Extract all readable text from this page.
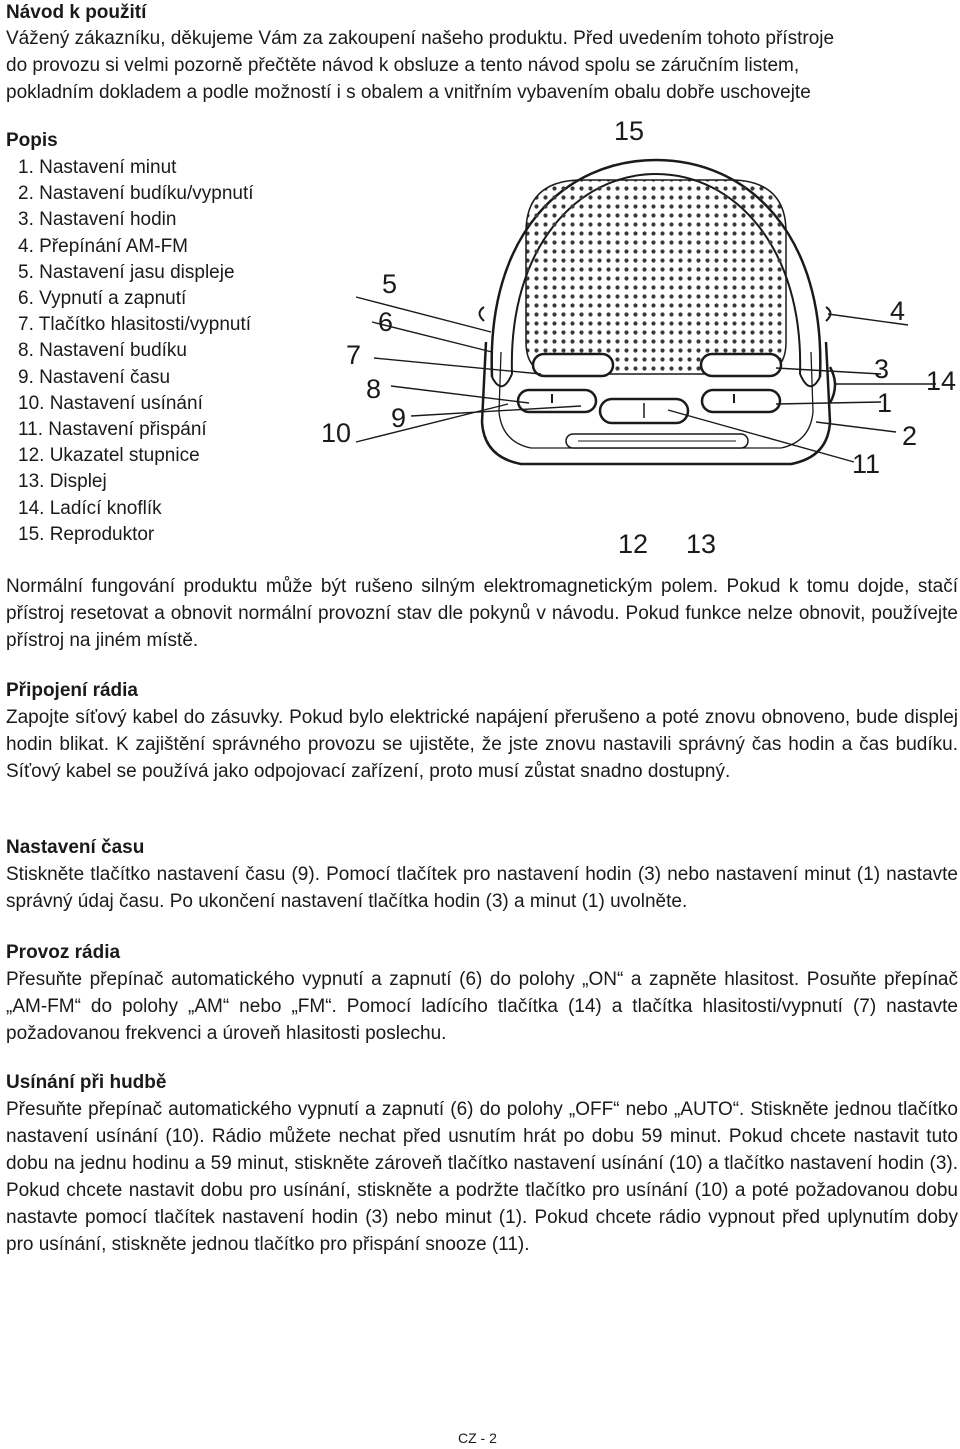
Návod k použití
Vážený zákazníku, děkujeme Vám za zakoupení našeho produktu. Před uvedením tohoto přístroje
do provozu si velmi pozorně přečtěte návod k obsluze a tento návod spolu se záručním listem,
pokladním dokladem a podle možností i s obalem a vnitřním vybavením obalu dobře uschovejte
Popis
1. Nastavení minut
2. Nastavení budíku/vypnutí
3. Nastavení hodin
4. Přepínání AM-FM
5. Nastavení jasu displeje
6. Vypnutí a zapnutí
7. Tlačítko hlasitosti/vypnutí
8. Nastavení budíku
9. Nastavení času
10. Nastavení usínání
11. Nastavení přispání
12. Ukazatel stupnice
13. Displej
14. Ladící knoflík
15. Reproduktor
15
5
6
7
8
9
10
4
3 14
1
2
11
12 13

Normální fungování produktu může být rušeno silným elektromagnetickým polem. Pokud k tomu dojde, stačí přístroj resetovat a obnovit normální provozní stav dle pokynů v návodu. Pokud funkce nelze obnovit, používejte přístroj na jiném místě.

Připojení rádia

Zapojte síťový kabel do zásuvky. Pokud bylo elektrické napájení přerušeno a poté znovu obnoveno, bude displej hodin blikat. K zajištění správného provozu se ujistěte, že jste znovu nastavili správný čas hodin a čas budíku. Síťový kabel se používá jako odpojovací zařízení, proto musí zůstat snadno dostupný.

Nastavení času

Stiskněte tlačítko nastavení času (9). Pomocí tlačítek pro nastavení hodin (3) nebo nastavení minut (1) nastavte správný údaj času. Po ukončení nastavení tlačítka hodin (3) a minut (1) uvolněte.

Provoz rádia

Přesuňte přepínač automatického vypnutí a zapnutí (6) do polohy „ON“ a zapněte hlasitost. Posuňte přepínač „AM-FM“ do polohy „AM“ nebo „FM“. Pomocí ladícího tlačítka (14) a tlačítka hlasitosti/vypnutí (7) nastavte požadovanou frekvenci a úroveň hlasitosti poslechu.

Usínání při hudbě

Přesuňte přepínač automatického vypnutí a zapnutí (6) do polohy „OFF“ nebo „AUTO“. Stiskněte jednou tlačítko nastavení usínání (10). Rádio můžete nechat před usnutím hrát po dobu 59 minut. Pokud chcete nastavit tuto dobu na jednu hodinu a 59 minut, stiskněte zároveň tlačítko nastavení usínání (10) a tlačítko nastavení hodin (3). Pokud chcete nastavit dobu pro usínání, stiskněte a podržte tlačítko pro usínání (10) a poté požadovanou dobu nastavte pomocí tlačítek nastavení hodin (3) nebo minut (1). Pokud chcete rádio vypnout před uplynutím doby pro usínání, stiskněte jednou tlačítko pro přispání snooze (11).

CZ - 2
